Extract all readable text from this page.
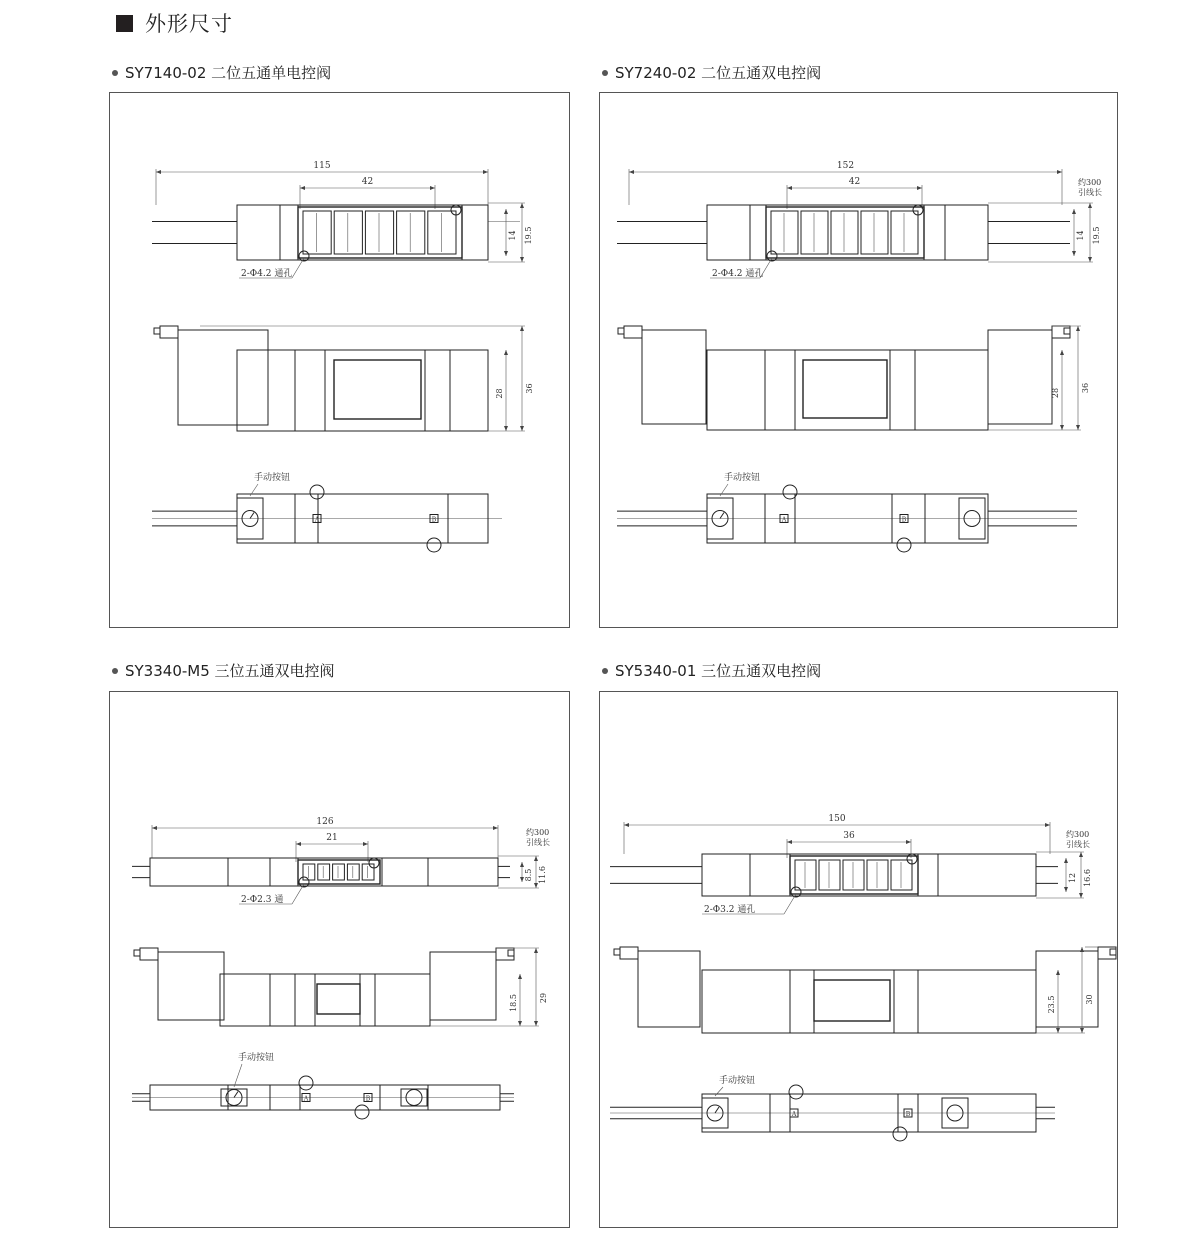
外形尺寸
SY7140-02 二位五通单电控阀	SY7240-02 二位五通双电控阀
SY3340-M5 三位五通双电控阀	SY5340-01 三位五通双电控阀
115
42
14 19.5
2-Φ4.2 通孔
28	36
A	B
手动按钮
152
42
14 19.5
约300
引线长
2-Φ4.2 通孔
28	36
A	B
手动按钮
126
21
8.5 11.6
约300
引线长
2-Φ2.3 通
18.5	29
A	B
手动按钮
150
36
12 16.6
约300
引线长
2-Φ3.2 通孔
23.5	30
A	B
手动按钮
